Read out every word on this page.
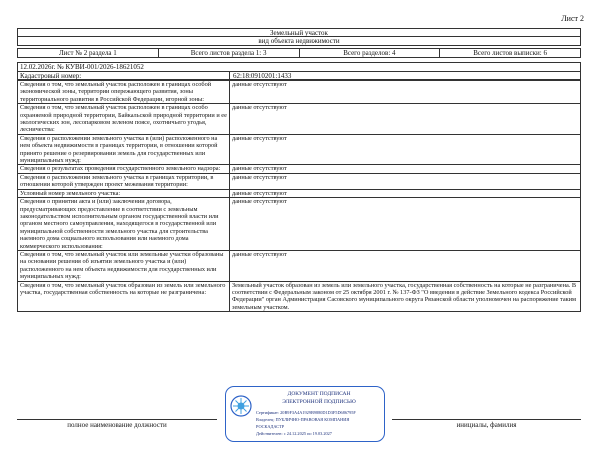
Лист 2
Земельный участок
вид объекта недвижимости
Лист № 2 раздела 1	Всего листов раздела 1: 3	Всего разделов: 4	Всего листов выписки: 6
12.02.2026г. № КУВИ-001/2026-18621052
Кадастровый номер:	62:18:0910201:1433
Сведения о том, что земельный участок расположен в границах особой экономической зоны, территории опережающего развития, зоны территориального развития в Российской Федерации, игорной зоны:	данные отсутствуют
Сведения о том, что земельный участок расположен в границах особо охраняемой природной территории, Байкальской природной территории и ее экологических зон, лесопарковом зеленом поясе, охотничьего угодья, лесничества:	данные отсутствуют
Сведения о расположении земельного участка в (или) расположенного на нем объекта недвижимости в границах территории, в отношении которой принято решение о резервировании земель для государственных или муниципальных нужд:	данные отсутствуют
Сведения о результатах проведения государственного земельного надзора:	данные отсутствуют
Сведения о расположении земельного участка в границах территории, в отношении которой утвержден проект межевания территории:	данные отсутствуют
Условный номер земельного участка:	данные отсутствуют
Сведения о принятии акта и (или) заключении договора, предусматривающих предоставление в соответствии с земельным законодательством исполнительным органом государственной власти или органом местного самоуправления, находящегося в государственной или муниципальной собственности земельного участка для строительства наемного дома социального использования или наемного дома коммерческого использования:	данные отсутствуют
Сведения о том, что земельный участок или земельные участки образованы на основании решения об изъятии земельного участка и (или) расположенного на нем объекта недвижимости для государственных или муниципальных нужд:	данные отсутствуют
Сведения о том, что земельный участок образован из земель или земельного участка, государственная собственность на которые не разграничена:	Земельный участок образован из земель или земельного участка, государственная собственность на которые не разграничена. В соответствии с Федеральным законом от 25 октября 2001 г. № 137-ФЗ "О введении в действие Земельного кодекса Российской Федерации" орган Администрация Сасовского муниципального округа Рязанской области уполномочен на распоряжение таким земельным участком.
полное наименование должности	инициалы, фамилия
ДОКУМЕНТ ПОДПИСАН
ЭЛЕКТРОННОЙ ПОДПИСЬЮ
Сертификат: 20B9F3A4A1929B9880D1D3F5D686795F
Владелец: ПУБЛИЧНО-ПРАВОВАЯ КОМПАНИЯ
РОСКАДАСТР
Действителен: с 24.12.2025 по 19.03.2027
